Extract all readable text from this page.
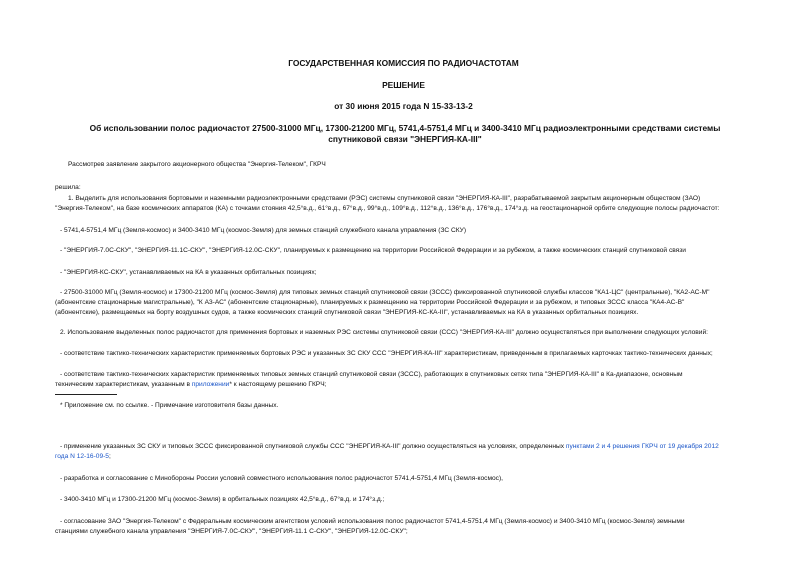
ГОСУДАРСТВЕННАЯ КОМИССИЯ ПО РАДИОЧАСТОТАМ
РЕШЕНИЕ
от 30 июня 2015 года N 15-33-13-2
Об использовании полос радиочастот 27500-31000 МГц, 17300-21200 МГц, 5741,4-5751,4 МГц и 3400-3410 МГц радиоэлектронными средствами системы
спутниковой связи "ЭНЕРГИЯ-КА-III"
Рассмотрев заявление закрытого акционерного общества "Энергия-Телеком", ГКРЧ
решила:
1. Выделить для использования бортовыми и наземными радиоэлектронными средствами (РЭС) системы спутниковой связи "ЭНЕРГИЯ-КА-III", разрабатываемой закрытым акционерным обществом (ЗАО)
"Энергия-Телеком", на базе космических аппаратов (КА) с точками стояния 42,5°в.д., 61°в.д., 67°в.д., 99°в.д., 109°в.д., 112°в.д., 136°в.д., 176°в.д., 174°з.д. на геостационарной орбите следующие полосы радиочастот:
- 5741,4-5751,4 МГц (Земля-космос) и 3400-3410 МГц (космос-Земля) для земных станций служебного канала управления (ЗС СКУ)
- "ЭНЕРГИЯ-7.0С-СКУ", "ЭНЕРГИЯ-11.1С-СКУ", "ЭНЕРГИЯ-12.0С-СКУ", планируемых к размещению на территории Российской Федерации и за рубежом, а также космических станций спутниковой связи
- "ЭНЕРГИЯ-КС-СКУ", устанавливаемых на КА в указанных орбитальных позициях;
- 27500-31000 МГц (Земля-космос) и 17300-21200 МГц (космос-Земля) для типовых земных станций спутниковой связи (ЗССС) фиксированной спутниковой службы классов "КА1-ЦС" (центральные), "КА2-АС-М"
(абонентские стационарные магистральные), "К А3-АС" (абонентские стационарные), планируемых к размещению на территории Российской Федерации и за рубежом, и типовых ЗССС класса "КА4-АС-В"
(абонентские), размещаемых на борту воздушных судов, а также космических станций спутниковой связи "ЭНЕРГИЯ-КС-КА-III", устанавливаемых на КА в указанных орбитальных позициях.
2. Использование выделенных полос радиочастот для применения бортовых и наземных РЭС системы спутниковой связи (ССС) "ЭНЕРГИЯ-КА-III" должно осуществляться при выполнении следующих условий:
- соответствие тактико-технических характеристик применяемых бортовых РЭС и указанных ЗС СКУ ССС "ЭНЕРГИЯ-КА-III" характеристикам, приведенным в прилагаемых карточках тактико-технических данных;
- соответствие тактико-технических характеристик применяемых типовых земных станций спутниковой связи (ЗССС), работающих в спутниковых сетях типа "ЭНЕРГИЯ-КА-III" в Ка-диапазоне, основным
техническим характеристикам, указанным в приложении* к настоящему решению ГКРЧ;
* Приложение см. по ссылке. - Примечание изготовителя базы данных.
- применение указанных ЗС СКУ и типовых ЗССС фиксированной спутниковой службы ССС "ЭНЕРГИЯ-КА-III" должно осуществляться на условиях, определенных пунктами 2 и 4 решения ГКРЧ от 19 декабря 2012
года N 12-16-09-5;
- разработка и согласование с Минобороны России условий совместного использования полос радиочастот 5741,4-5751,4 МГц (Земля-космос),
- 3400-3410 МГц и 17300-21200 МГц (космос-Земля) в орбитальных позициях 42,5°в.д., 67°в.д. и 174°з.д.;
- согласование ЗАО "Энергия-Телеком" с Федеральным космическим агентством условий использования полос радиочастот 5741,4-5751,4 МГц (Земля-космос) и 3400-3410 МГц (космос-Земля) земными
станциями служебного канала управления "ЭНЕРГИЯ-7.0С-СКУ", "ЭНЕРГИЯ-11.1 С-СКУ", "ЭНЕРГИЯ-12.0С-СКУ";
